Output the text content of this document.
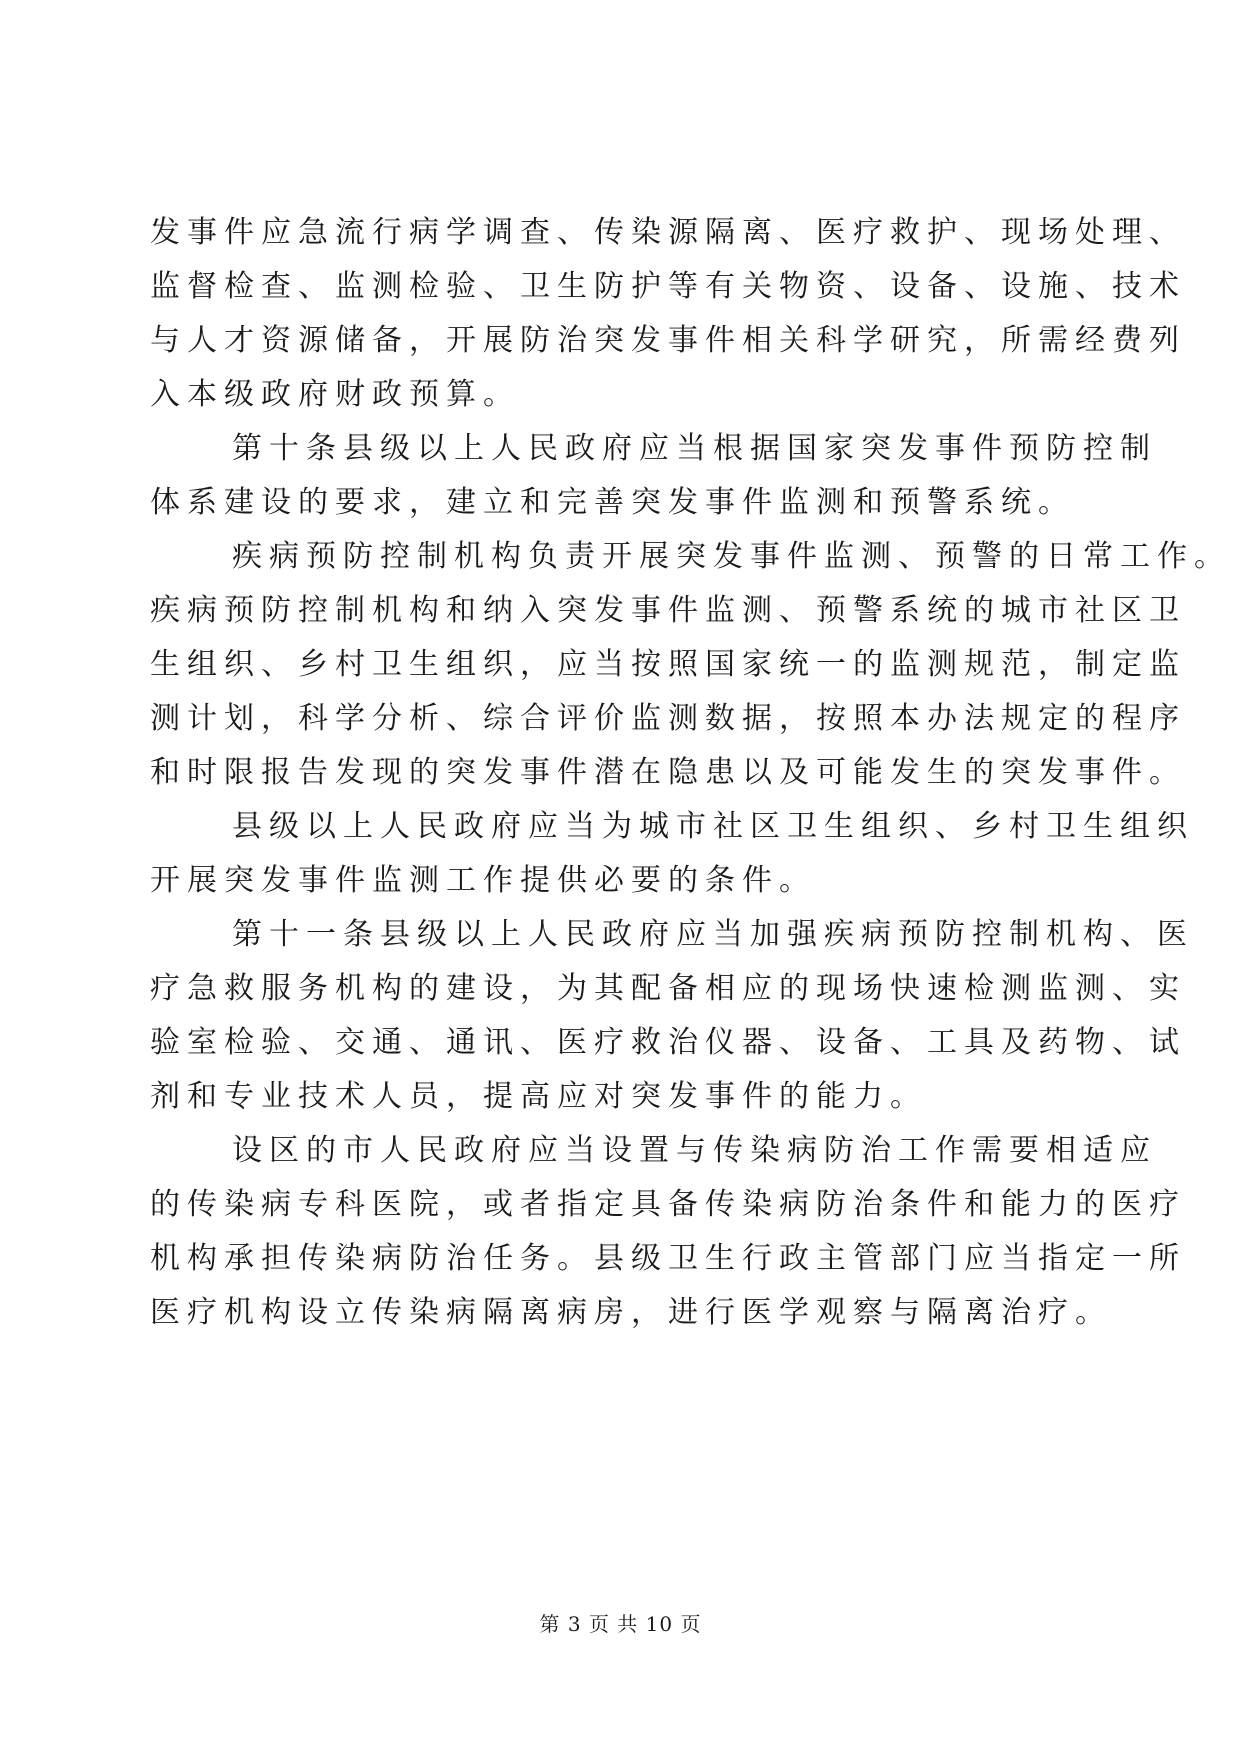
发事件应急流行病学调查、传染源隔离、医疗救护、现场处理、
监督检查、监测检验、卫生防护等有关物资、设备、设施、技术
与人才资源储备，开展防治突发事件相关科学研究，所需经费列
入本级政府财政预算。
第十条县级以上人民政府应当根据国家突发事件预防控制
体系建设的要求，建立和完善突发事件监测和预警系统。
疾病预防控制机构负责开展突发事件监测、预警的日常工作。
疾病预防控制机构和纳入突发事件监测、预警系统的城市社区卫
生组织、乡村卫生组织，应当按照国家统一的监测规范，制定监
测计划，科学分析、综合评价监测数据，按照本办法规定的程序
和时限报告发现的突发事件潜在隐患以及可能发生的突发事件。
县级以上人民政府应当为城市社区卫生组织、乡村卫生组织
开展突发事件监测工作提供必要的条件。
第十一条县级以上人民政府应当加强疾病预防控制机构、医
疗急救服务机构的建设，为其配备相应的现场快速检测监测、实
验室检验、交通、通讯、医疗救治仪器、设备、工具及药物、试
剂和专业技术人员，提高应对突发事件的能力。
设区的市人民政府应当设置与传染病防治工作需要相适应
的传染病专科医院，或者指定具备传染病防治条件和能力的医疗
机构承担传染病防治任务。县级卫生行政主管部门应当指定一所
医疗机构设立传染病隔离病房，进行医学观察与隔离治疗。
第 3 页 共 10 页
